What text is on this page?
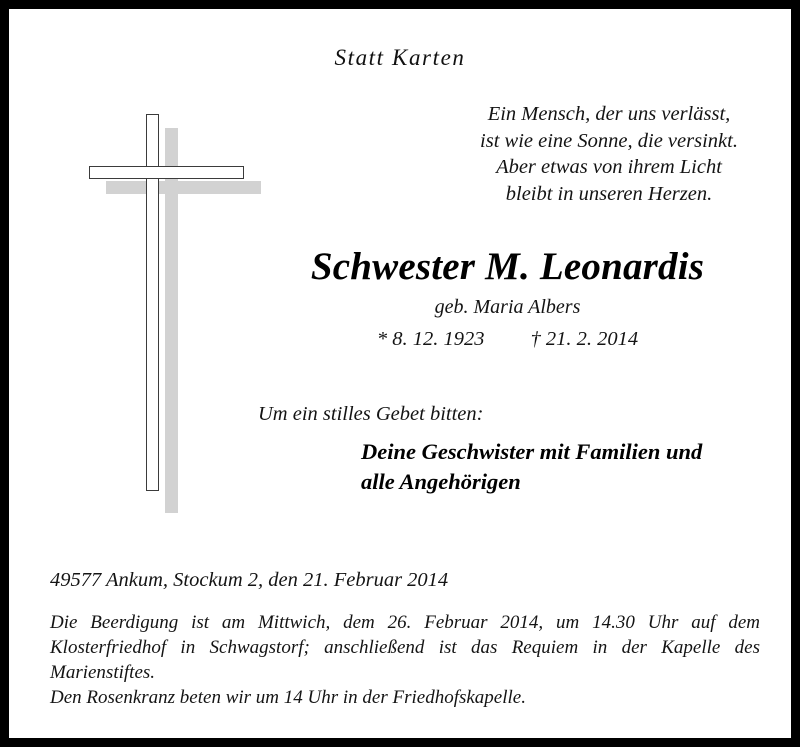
Statt Karten
Ein Mensch, der uns verlässt,
ist wie eine Sonne, die versinkt.
Aber etwas von ihrem Licht
bleibt in unseren Herzen.
Schwester M. Leonardis
geb. Maria Albers
* 8. 12. 1923 † 21. 2. 2014
Um ein stilles Gebet bitten:
Deine Geschwister mit Familien und
alle Angehörigen
49577 Ankum, Stockum 2, den 21. Februar 2014
Die Beerdigung ist am Mittwich, dem 26. Februar 2014, um 14.30 Uhr auf dem Klosterfriedhof in Schwagstorf; anschließend ist das Requiem in der Kapelle des Marienstiftes.
Den Rosenkranz beten wir um 14 Uhr in der Friedhofskapelle.
